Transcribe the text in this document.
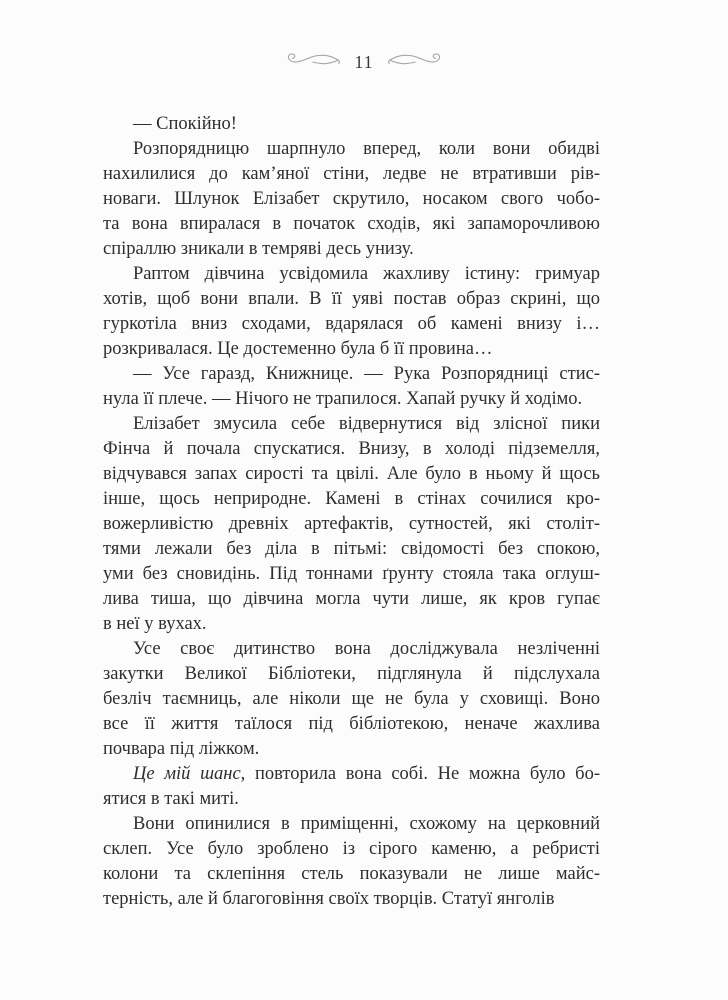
11
— Спокійно!
Розпорядницю шарпнуло вперед, коли вони обидві
нахилилися до кам’яної стіни, ледве не втративши рів-
новаги. Шлунок Елізабет скрутило, носаком свого чобо-
та вона впиралася в початок сходів, які запаморочливою
спіраллю зникали в темряві десь унизу.
Раптом дівчина усвідомила жахливу істину: гримуар
хотів, щоб вони впали. В її уяві постав образ скрині, що
гуркотіла вниз сходами, вдарялася об камені внизу і…
розкривалася. Це достеменно була б її провина…
— Усе гаразд, Книжнице. — Рука Розпорядниці стис-
нула її плече. — Нічого не трапилося. Хапай ручку й ходімо.
Елізабет змусила себе відвернутися від злісної пики
Фінча й почала спускатися. Внизу, в холоді підземелля,
відчувався запах сирості та цвілі. Але було в ньому й щось
інше, щось неприродне. Камені в стінах сочилися кро-
вожерливістю древніх артефактів, сутностей, які століт-
тями лежали без діла в пітьмі: свідомості без спокою,
уми без сновидінь. Під тоннами ґрунту стояла така оглуш-
лива тиша, що дівчина могла чути лише, як кров гупає
в неї у вухах.
Усе своє дитинство вона досліджувала незліченні
закутки Великої Бібліотеки, підглянула й підслухала
безліч таємниць, але ніколи ще не була у сховищі. Воно
все її життя таїлося під бібліотекою, неначе жахлива
почвара під ліжком.
Це мій шанс, повторила вона собі. Не можна було бо-
ятися в такі миті.
Вони опинилися в приміщенні, схожому на церковний
склеп. Усе було зроблено із сірого каменю, а ребристі
колони та склепіння стель показували не лише майс-
терність, але й благоговіння своїх творців. Статуї янголів
